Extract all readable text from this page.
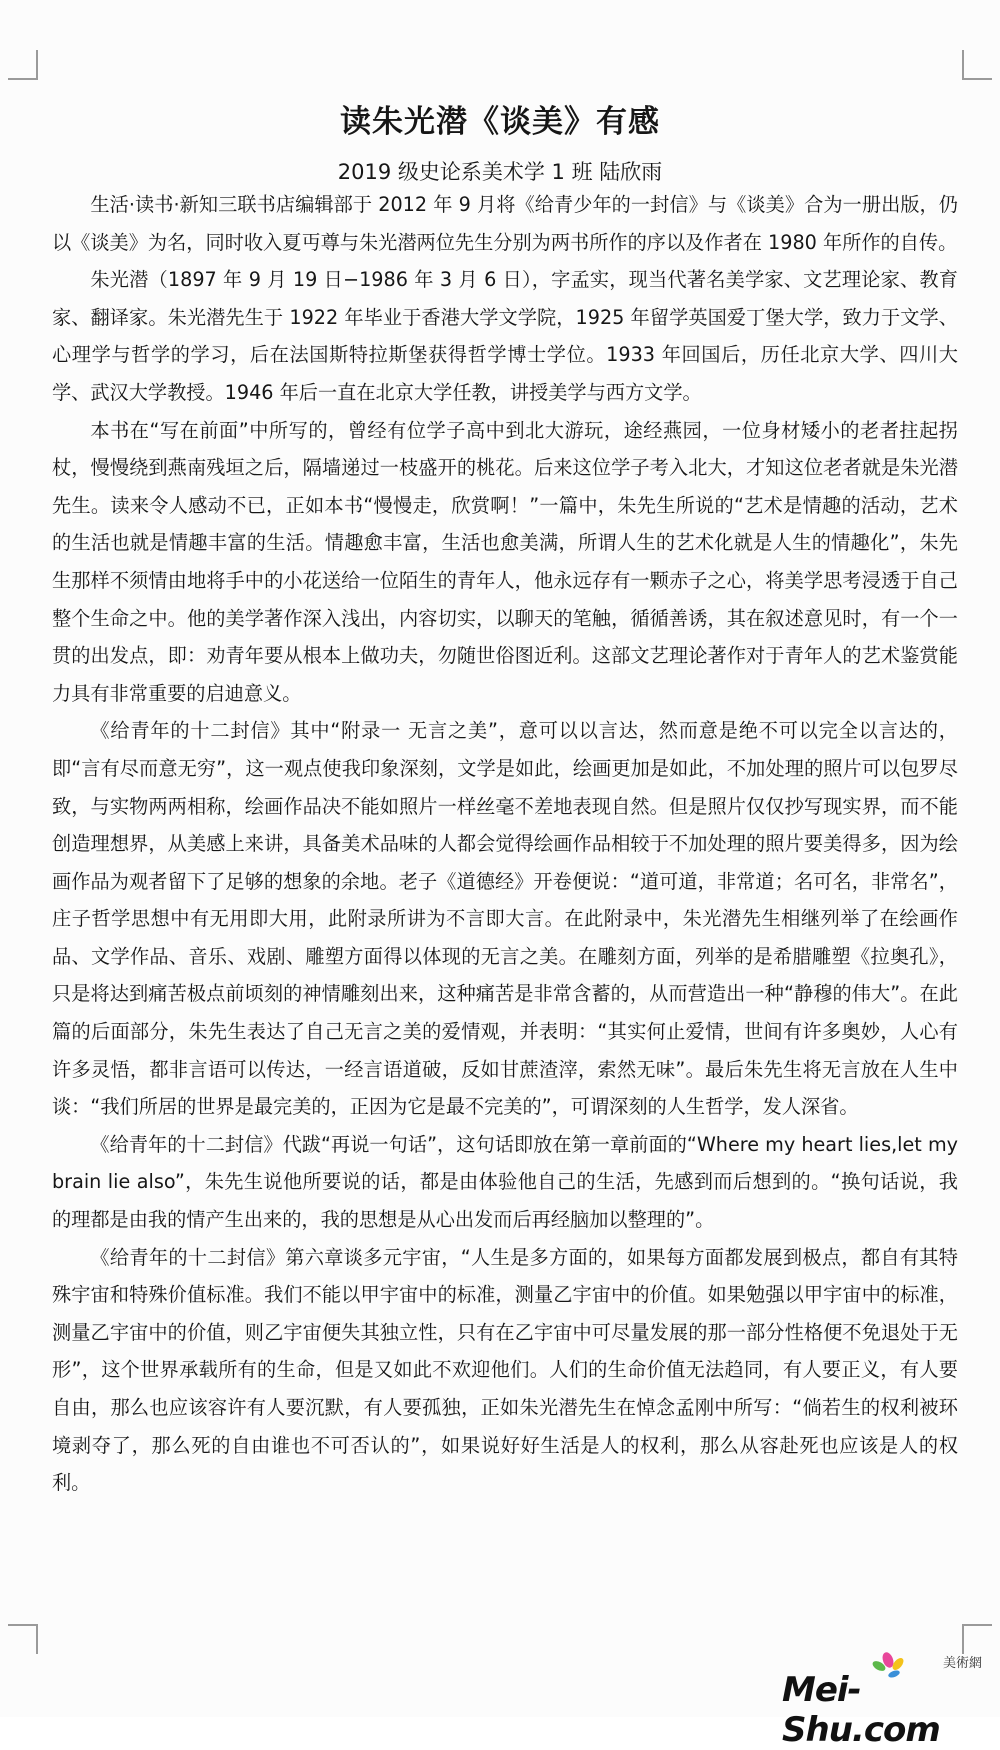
读朱光潜《谈美》有感
2019 级史论系美术学 1 班 陆欣雨

生活·读书·新知三联书店编辑部于 2012 年 9 月将《给青少年的一封信》与《谈美》合为一册出版，仍以《谈美》为名，同时收入夏丏尊与朱光潜两位先生分别为两书所作的序以及作者在 1980 年所作的自传。

朱光潜（1897 年 9 月 19 日−1986 年 3 月 6 日），字孟实，现当代著名美学家、文艺理论家、教育家、翻译家。朱光潜先生于 1922 年毕业于香港大学文学院，1925 年留学英国爱丁堡大学，致力于文学、心理学与哲学的学习，后在法国斯特拉斯堡获得哲学博士学位。1933 年回国后，历任北京大学、四川大学、武汉大学教授。1946 年后一直在北京大学任教，讲授美学与西方文学。

本书在“写在前面”中所写的，曾经有位学子高中到北大游玩，途经燕园，一位身材矮小的老者拄起拐杖，慢慢绕到燕南残垣之后，隔墙递过一枝盛开的桃花。后来这位学子考入北大，才知这位老者就是朱光潜先生。读来令人感动不已，正如本书“慢慢走，欣赏啊！”一篇中，朱先生所说的“艺术是情趣的活动，艺术的生活也就是情趣丰富的生活。情趣愈丰富，生活也愈美满，所谓人生的艺术化就是人生的情趣化”，朱先生那样不须情由地将手中的小花送给一位陌生的青年人，他永远存有一颗赤子之心，将美学思考浸透于自己整个生命之中。他的美学著作深入浅出，内容切实，以聊天的笔触，循循善诱，其在叙述意见时，有一个一贯的出发点，即：劝青年要从根本上做功夫，勿随世俗图近利。这部文艺理论著作对于青年人的艺术鉴赏能力具有非常重要的启迪意义。

《给青年的十二封信》其中“附录一 无言之美”，意可以以言达，然而意是绝不可以完全以言达的，即“言有尽而意无穷”，这一观点使我印象深刻，文学是如此，绘画更加是如此，不加处理的照片可以包罗尽致，与实物两两相称，绘画作品决不能如照片一样丝毫不差地表现自然。但是照片仅仅抄写现实界，而不能创造理想界，从美感上来讲，具备美术品味的人都会觉得绘画作品相较于不加处理的照片要美得多，因为绘画作品为观者留下了足够的想象的余地。老子《道德经》开卷便说：“道可道，非常道；名可名，非常名”，庄子哲学思想中有无用即大用，此附录所讲为不言即大言。在此附录中，朱光潜先生相继列举了在绘画作品、文学作品、音乐、戏剧、雕塑方面得以体现的无言之美。在雕刻方面，列举的是希腊雕塑《拉奥孔》，只是将达到痛苦极点前顷刻的神情雕刻出来，这种痛苦是非常含蓄的，从而营造出一种“静穆的伟大”。在此篇的后面部分，朱先生表达了自己无言之美的爱情观，并表明：“其实何止爱情，世间有许多奥妙，人心有许多灵悟，都非言语可以传达，一经言语道破，反如甘蔗渣滓，索然无味”。最后朱先生将无言放在人生中谈：“我们所居的世界是最完美的，正因为它是最不完美的”，可谓深刻的人生哲学，发人深省。

《给青年的十二封信》代跋“再说一句话”，这句话即放在第一章前面的“Where my heart lies,let my brain lie also”，朱先生说他所要说的话，都是由体验他自己的生活，先感到而后想到的。“换句话说，我的理都是由我的情产生出来的，我的思想是从心出发而后再经脑加以整理的”。

《给青年的十二封信》第六章谈多元宇宙，“人生是多方面的，如果每方面都发展到极点，都自有其特殊宇宙和特殊价值标准。我们不能以甲宇宙中的标准，测量乙宇宙中的价值。如果勉强以甲宇宙中的标准，测量乙宇宙中的价值，则乙宇宙便失其独立性，只有在乙宇宙中可尽量发展的那一部分性格便不免退处于无形”，这个世界承载所有的生命，但是又如此不欢迎他们。人们的生命价值无法趋同，有人要正义，有人要自由，那么也应该容许有人要沉默，有人要孤独，正如朱光潜先生在悼念孟刚中所写：“倘若生的权利被环境剥夺了，那么死的自由谁也不可否认的”，如果说好好生活是人的权利，那么从容赴死也应该是人的权利。

美術網
Mei-Shu.com
